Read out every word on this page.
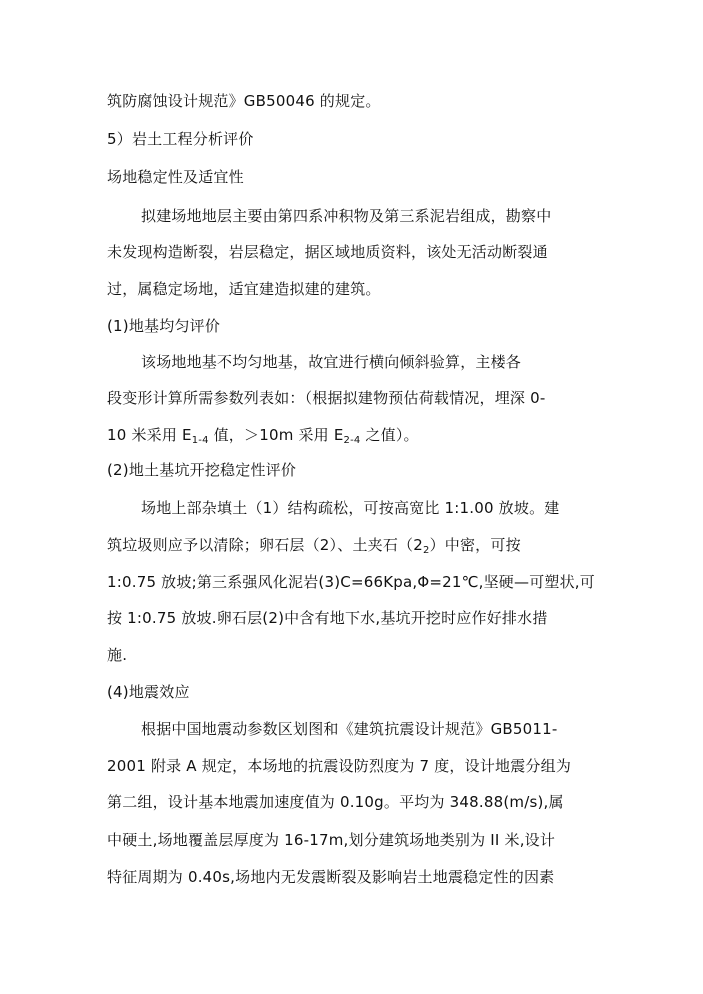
筑防腐蚀设计规范》GB50046 的规定。
5）岩土工程分析评价
场地稳定性及适宜性
拟建场地地层主要由第四系冲积物及第三系泥岩组成，勘察中
未发现构造断裂，岩层稳定，据区域地质资料，该处无活动断裂通
过，属稳定场地，适宜建造拟建的建筑。
(1)地基均匀评价
该场地地基不均匀地基，故宜进行横向倾斜验算，主楼各
段变形计算所需参数列表如：（根据拟建物预估荷载情况，埋深 0-
10 米采用 $E_{1-4}$ 值，＞10m 采用 $E_{2-4}$ 之值）。
(2)地土基坑开挖稳定性评价
场地上部杂填土（1）结构疏松，可按高宽比 1:1.00 放坡。建
筑垃圾则应予以清除；卵石层（2）、土夹石$(2_2)$中密，可按
1:0.75 放坡;第三系强风化泥岩(3)C=66Kpa,Φ=21℃,坚硬—可塑状,可
按 1:0.75 放坡.卵石层(2)中含有地下水,基坑开挖时应作好排水措
施.
(4)地震效应
根据中国地震动参数区划图和《建筑抗震设计规范》GB5011-
2001 附录 A 规定，本场地的抗震设防烈度为 7 度，设计地震分组为
第二组，设计基本地震加速度值为 0.10g。平均为 348.88(m/s),属
中硬土,场地覆盖层厚度为 16-17m,划分建筑场地类别为 II 米,设计
特征周期为 0.40s,场地内无发震断裂及影响岩土地震稳定性的因素
